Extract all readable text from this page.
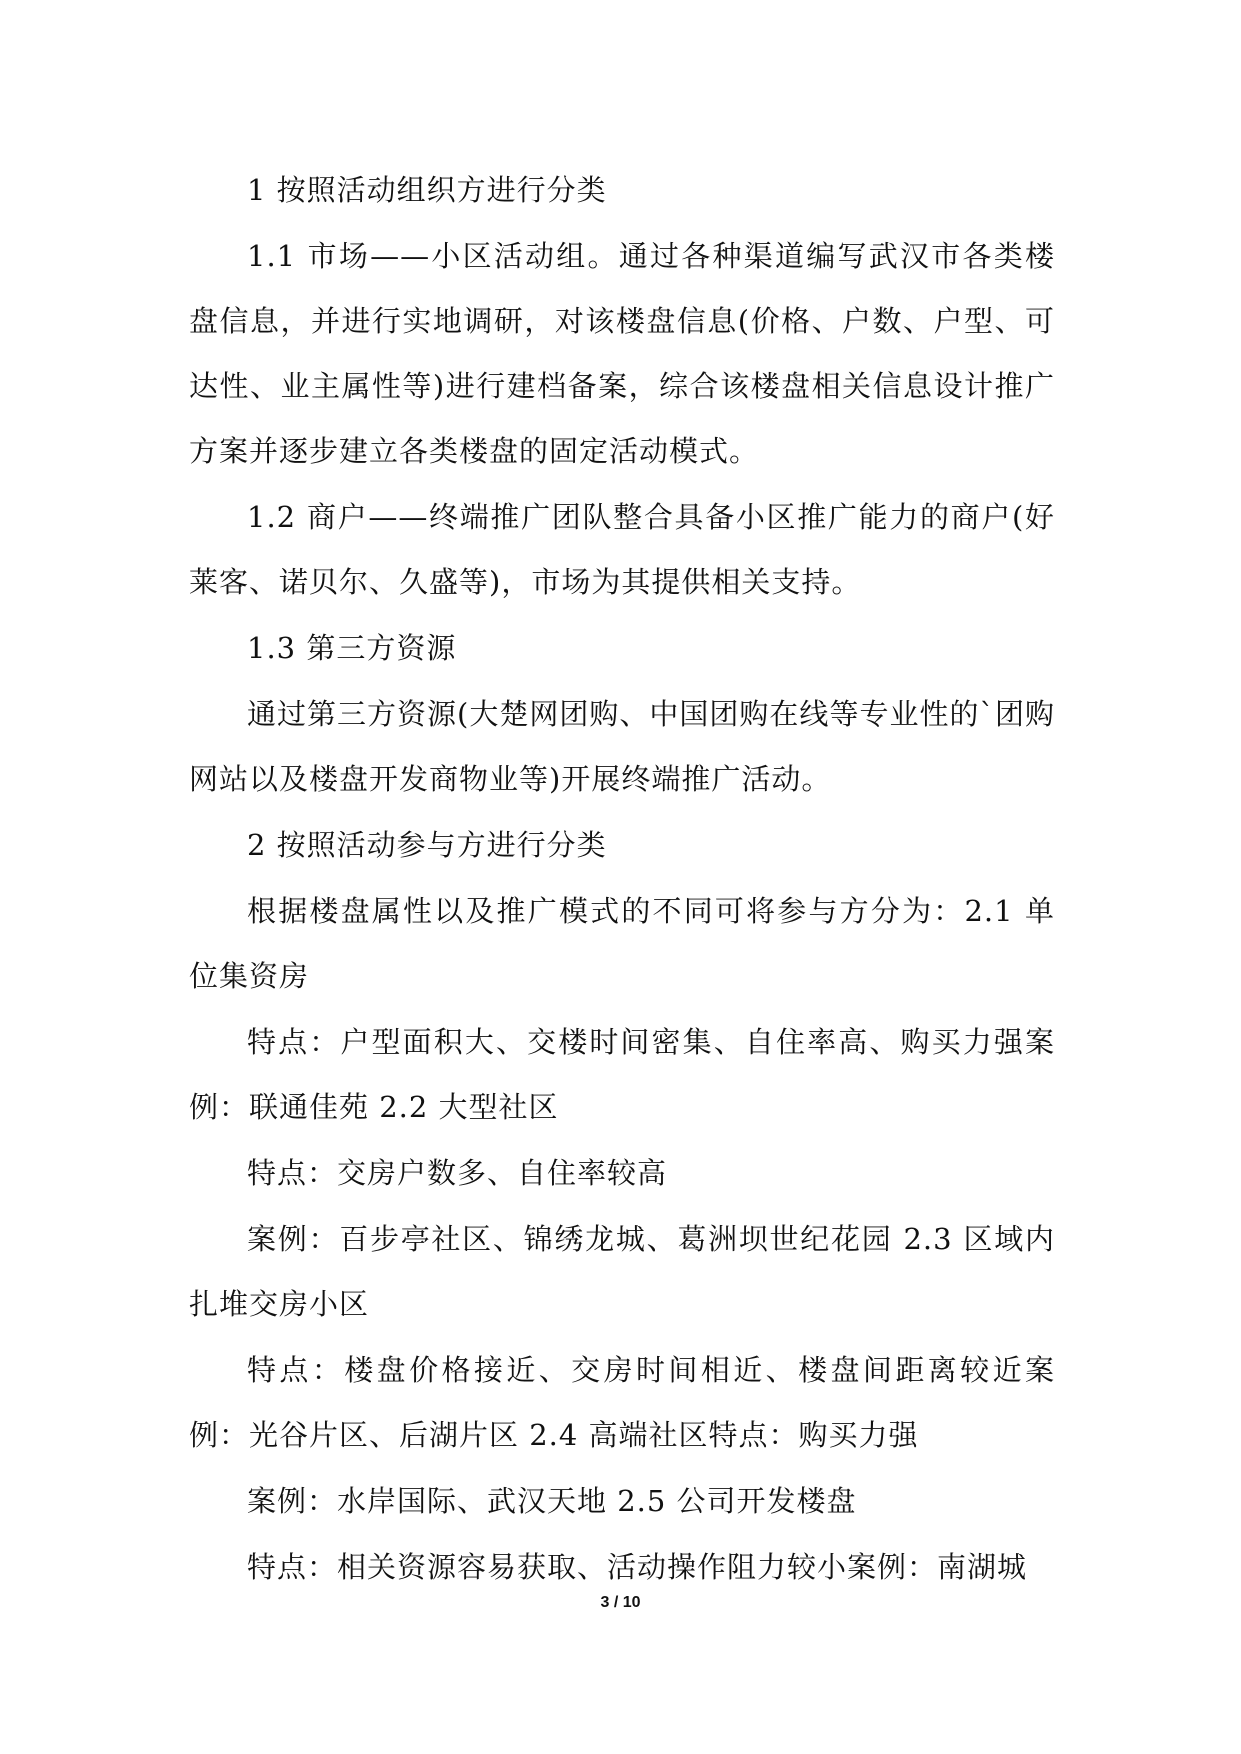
1 按照活动组织方进行分类

1.1 市场——小区活动组。通过各种渠道编写武汉市各类楼盘信息，并进行实地调研，对该楼盘信息(价格、户数、户型、可达性、业主属性等)进行建档备案，综合该楼盘相关信息设计推广方案并逐步建立各类楼盘的固定活动模式。

1.2 商户——终端推广团队整合具备小区推广能力的商户(好莱客、诺贝尔、久盛等)，市场为其提供相关支持。

1.3 第三方资源

通过第三方资源(大楚网团购、中国团购在线等专业性的`团购网站以及楼盘开发商物业等)开展终端推广活动。

2 按照活动参与方进行分类

根据楼盘属性以及推广模式的不同可将参与方分为：2.1 单位集资房

特点：户型面积大、交楼时间密集、自住率高、购买力强案例：联通佳苑 2.2 大型社区

特点：交房户数多、自住率较高

案例：百步亭社区、锦绣龙城、葛洲坝世纪花园 2.3 区域内扎堆交房小区

特点：楼盘价格接近、交房时间相近、楼盘间距离较近案例：光谷片区、后湖片区 2.4 高端社区特点：购买力强

案例：水岸国际、武汉天地 2.5 公司开发楼盘

特点：相关资源容易获取、活动操作阻力较小案例：南湖城

3 / 10
